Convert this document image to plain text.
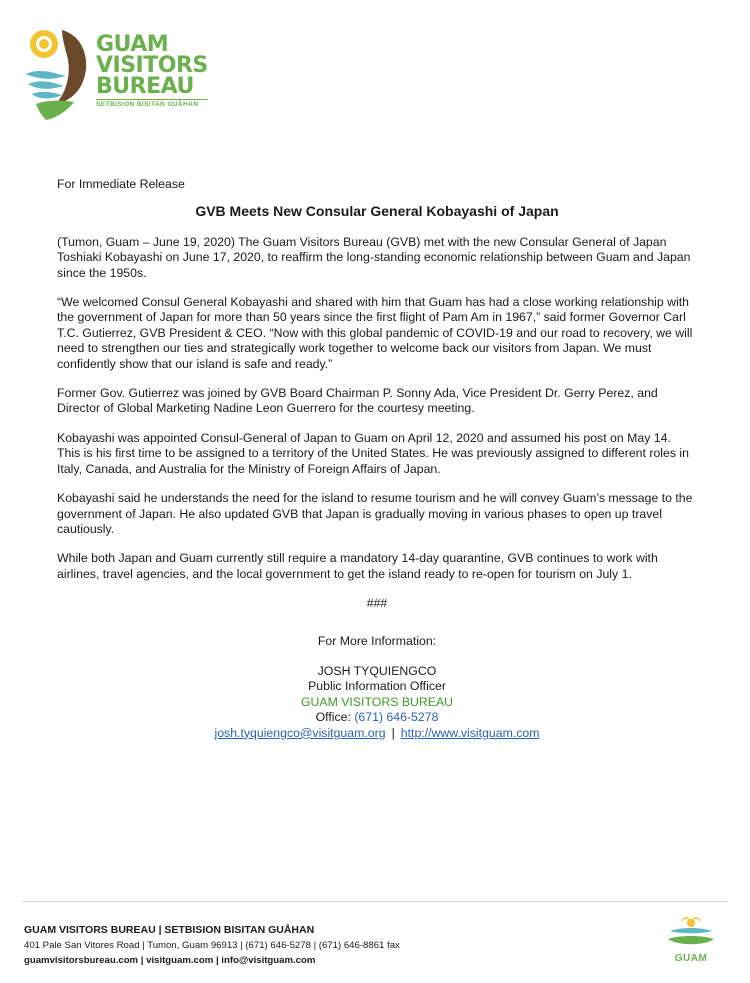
GUAM
VISITORS
BUREAU
SETBISION BISITAN GUÅHAN
For Immediate Release
GVB Meets New Consular General Kobayashi of Japan

(Tumon, Guam – June 19, 2020) The Guam Visitors Bureau (GVB) met with the new Consular General of Japan Toshiaki Kobayashi on June 17, 2020, to reaffirm the long-standing economic relationship between Guam and Japan since the 1950s.

“We welcomed Consul General Kobayashi and shared with him that Guam has had a close working relationship with the government of Japan for more than 50 years since the first flight of Pam Am in 1967,” said former Governor Carl T.C. Gutierrez, GVB President & CEO. “Now with this global pandemic of COVID-19 and our road to recovery, we will need to strengthen our ties and strategically work together to welcome back our visitors from Japan. We must confidently show that our island is safe and ready.”

Former Gov. Gutierrez was joined by GVB Board Chairman P. Sonny Ada, Vice President Dr. Gerry Perez, and Director of Global Marketing Nadine Leon Guerrero for the courtesy meeting.

Kobayashi was appointed Consul-General of Japan to Guam on April 12, 2020 and assumed his post on May 14. This is his first time to be assigned to a territory of the United States. He was previously assigned to different roles in Italy, Canada, and Australia for the Ministry of Foreign Affairs of Japan.

Kobayashi said he understands the need for the island to resume tourism and he will convey Guam’s message to the government of Japan. He also updated GVB that Japan is gradually moving in various phases to open up travel cautiously.

While both Japan and Guam currently still require a mandatory 14-day quarantine, GVB continues to work with airlines, travel agencies, and the local government to get the island ready to re-open for tourism on July 1.

###
For More Information:
JOSH TYQUIENGCO
Public Information Officer
GUAM VISITORS BUREAU
Office: (671) 646-5278
josh.tyquiengco@visitguam.org | http://www.visitguam.com
GUAM VISITORS BUREAU | SETBISION BISITAN GUÅHAN
401 Pale San Vitores Road | Tumon, Guam 96913 | (671) 646-5278 | (671) 646-8861 fax
guamvisitorsbureau.com | visitguam.com | info@visitguam.com	GUAM
